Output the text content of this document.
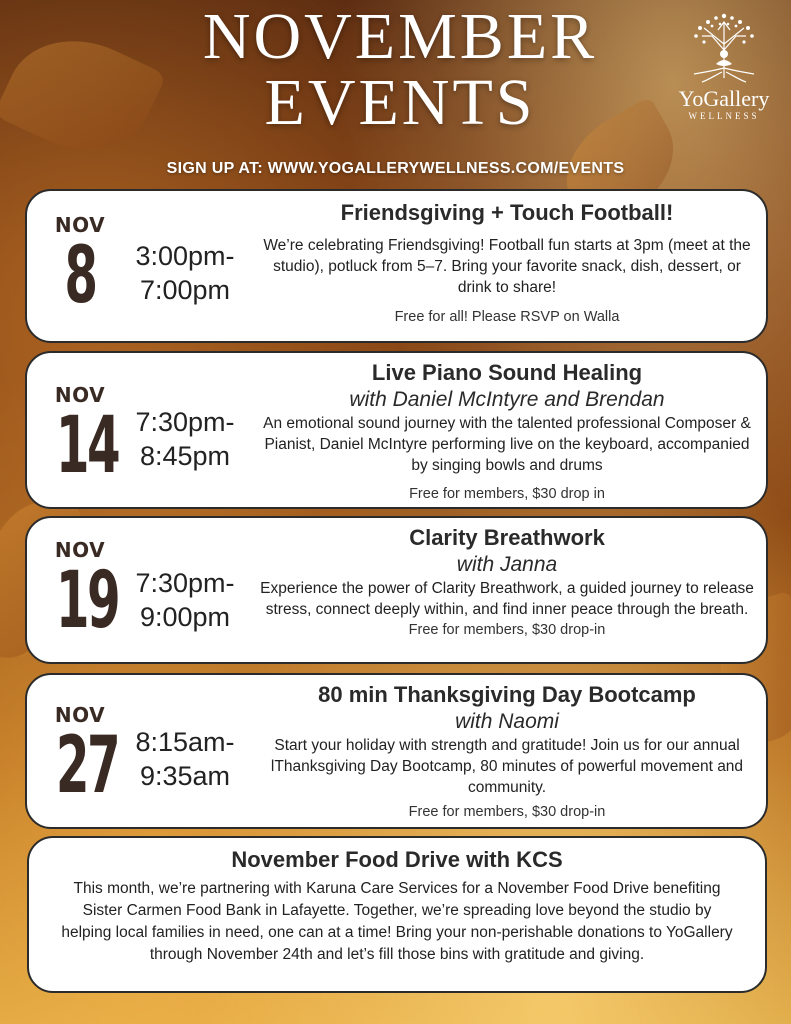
NOVEMBER
EVENTS	YoGallery
WELLNESS
SIGN UP AT: WWW.YOGALLERYWELLNESS.COM/EVENTS
NOV
8	3:00pm-
7:00pm
Friendsgiving + Touch Football!
We’re celebrating Friendsgiving! Football fun starts at 3pm (meet at the studio), potluck from 5–7. Bring your favorite snack, dish, dessert, or drink to share!
Free for all! Please RSVP on Walla
NOV
14 7:30pm-
8:45pm
Live Piano Sound Healing
with Daniel McIntyre and Brendan
An emotional sound journey with the talented professional Composer & Pianist, Daniel McIntyre performing live on the keyboard, accompanied by singing bowls and drums
Free for members, $30 drop in
NOV
19 7:30pm-
9:00pm
Clarity Breathwork
with Janna
Experience the power of Clarity Breathwork, a guided journey to release stress, connect deeply within, and find inner peace through the breath.
Free for members, $30 drop-in
NOV
27 8:15am-
9:35am
80 min Thanksgiving Day Bootcamp
with Naomi
Start your holiday with strength and gratitude! Join us for our annual lThanksgiving Day Bootcamp, 80 minutes of powerful movement and community.
Free for members, $30 drop-in
November Food Drive with KCS
This month, we’re partnering with Karuna Care Services for a November Food Drive benefiting Sister Carmen Food Bank in Lafayette. Together, we’re spreading love beyond the studio by helping local families in need, one can at a time! Bring your non-perishable donations to YoGallery through November 24th and let’s fill those bins with gratitude and giving.
